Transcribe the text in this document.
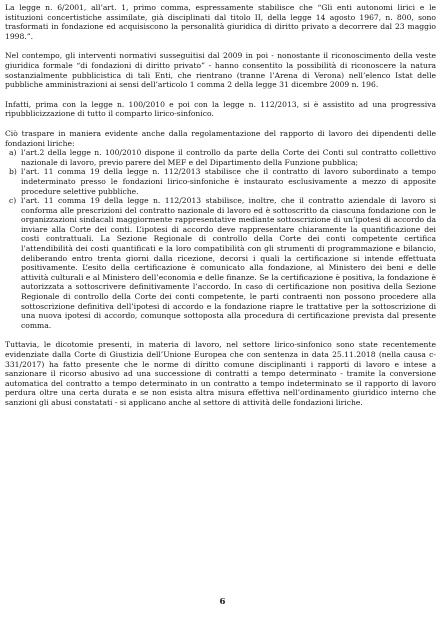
La legge n. 6/2001, all’art. 1, primo comma, espressamente stabilisce che “Gli enti autonomi lirici e le istituzioni concertistiche assimilate, già disciplinati dal titolo II, della legge 14 agosto 1967, n. 800, sono trasformati in fondazione ed acquisiscono la personalità giuridica di diritto privato a decorrere dal 23 maggio 1998.”.

Nel contempo, gli interventi normativi susseguitisi dal 2009 in poi - nonostante il riconoscimento della veste giuridica formale “di fondazioni di diritto privato” - hanno consentito la possibilità di riconoscere la natura sostanzialmente pubblicistica di tali Enti, che rientrano (tranne l’Arena di Verona) nell’elenco Istat delle pubbliche amministrazioni ai sensi dell’articolo 1 comma 2 della legge 31 dicembre 2009 n. 196.

Infatti, prima con la legge n. 100/2010 e poi con la legge n. 112/2013, si è assistito ad una progressiva ripubblicizzazione di tutto il comparto lirico-sinfonico.

Ciò traspare in maniera evidente anche dalla regolamentazione del rapporto di lavoro dei dipendenti delle fondazioni liriche:

a) l’art.2 della legge n. 100/2010 dispone il controllo da parte della Corte dei Conti sul contratto collettivo nazionale di lavoro, previo parere del MEF e del Dipartimento della Funzione pubblica;
b) l’art. 11 comma 19 della legge n. 112/2013 stabilisce che il contratto di lavoro subordinato a tempo indeterminato presso le fondazioni lirico-sinfoniche è instaurato esclusivamente a mezzo di apposite procedure selettive pubbliche.
c) l’art. 11 comma 19 della legge n. 112/2013 stabilisce, inoltre, che il contratto aziendale di lavoro si conforma alle prescrizioni del contratto nazionale di lavoro ed è sottoscritto da ciascuna fondazione con le organizzazioni sindacali maggiormente rappresentative mediante sottoscrizione di un’ipotesi di accordo da inviare alla Corte dei conti. L’ipotesi di accordo deve rappresentare chiaramente la quantificazione dei costi contrattuali. La Sezione Regionale di controllo della Corte dei conti competente certifica l’attendibilità dei costi quantificati e la loro compatibilità con gli strumenti di programmazione e bilancio, deliberando entro trenta giorni dalla ricezione, decorsi i quali la certificazione si intende effettuata positivamente. L’esito della certificazione è comunicato alla fondazione, al Ministero dei beni e delle attività culturali e al Ministero dell’economia e delle finanze. Se la certificazione è positiva, la fondazione è autorizzata a sottoscrivere definitivamente l’accordo. In caso di certificazione non positiva della Sezione Regionale di controllo della Corte dei conti competente, le parti contraenti non possono procedere alla sottoscrizione definitiva dell’ipotesi di accordo e la fondazione riapre le trattative per la sottoscrizione di una nuova ipotesi di accordo, comunque sottoposta alla procedura di certificazione prevista dal presente comma.

Tuttavia, le dicotomie presenti, in materia di lavoro, nel settore lirico-sinfonico sono state recentemente evidenziate dalla Corte di Giustizia dell’Unione Europea che con sentenza in data 25.11.2018 (nella causa c-331/2017) ha fatto presente che le norme di diritto comune disciplinanti i rapporti di lavoro e intese a sanzionare il ricorso abusivo ad una successione di contratti a tempo determinato - tramite la conversione automatica del contratto a tempo determinato in un contratto a tempo indeterminato se il rapporto di lavoro perdura oltre una certa durata e se non esista altra misura effettiva nell’ordinamento giuridico interno che sanzioni gli abusi constatati - si applicano anche al settore di attività delle fondazioni liriche.

6
